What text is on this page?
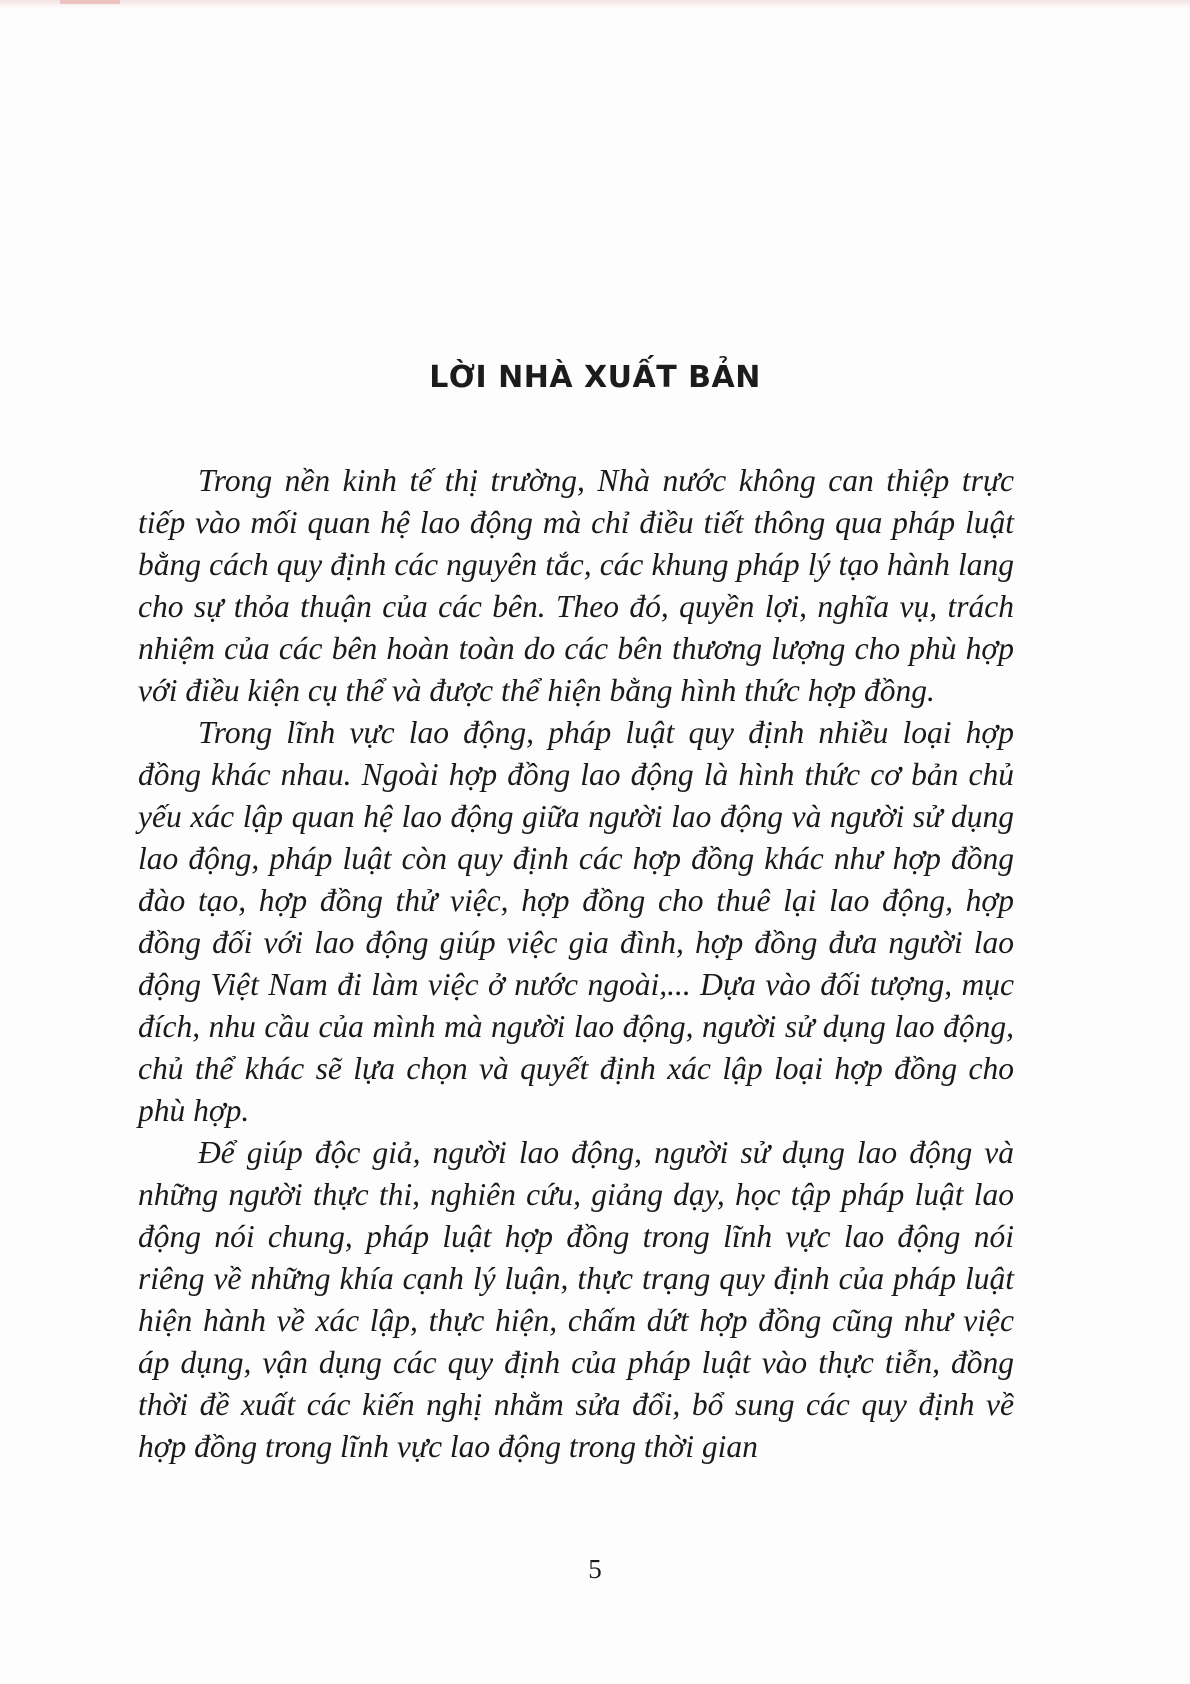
LỜI NHÀ XUẤT BẢN

Trong nền kinh tế thị trường, Nhà nước không can thiệp trực tiếp vào mối quan hệ lao động mà chỉ điều tiết thông qua pháp luật bằng cách quy định các nguyên tắc, các khung pháp lý tạo hành lang cho sự thỏa thuận của các bên. Theo đó, quyền lợi, nghĩa vụ, trách nhiệm của các bên hoàn toàn do các bên thương lượng cho phù hợp với điều kiện cụ thể và được thể hiện bằng hình thức hợp đồng.

Trong lĩnh vực lao động, pháp luật quy định nhiều loại hợp đồng khác nhau. Ngoài hợp đồng lao động là hình thức cơ bản chủ yếu xác lập quan hệ lao động giữa người lao động và người sử dụng lao động, pháp luật còn quy định các hợp đồng khác như hợp đồng đào tạo, hợp đồng thử việc, hợp đồng cho thuê lại lao động, hợp đồng đối với lao động giúp việc gia đình, hợp đồng đưa người lao động Việt Nam đi làm việc ở nước ngoài,... Dựa vào đối tượng, mục đích, nhu cầu của mình mà người lao động, người sử dụng lao động, chủ thể khác sẽ lựa chọn và quyết định xác lập loại hợp đồng cho phù hợp.

Để giúp độc giả, người lao động, người sử dụng lao động và những người thực thi, nghiên cứu, giảng dạy, học tập pháp luật lao động nói chung, pháp luật hợp đồng trong lĩnh vực lao động nói riêng về những khía cạnh lý luận, thực trạng quy định của pháp luật hiện hành về xác lập, thực hiện, chấm dứt hợp đồng cũng như việc áp dụng, vận dụng các quy định của pháp luật vào thực tiễn, đồng thời đề xuất các kiến nghị nhằm sửa đổi, bổ sung các quy định về hợp đồng trong lĩnh vực lao động trong thời gian

5
